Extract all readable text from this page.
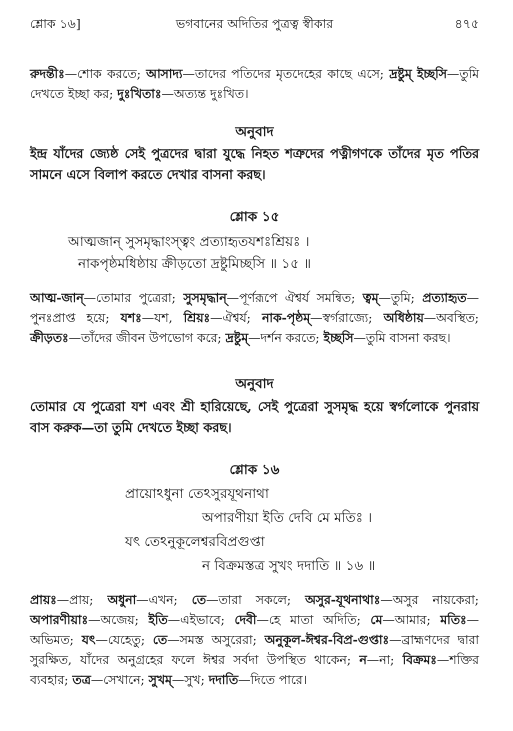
শ্লোক ১৬]	ভগবানের অদিতির পুত্রত্ব স্বীকার	৪৭৫
রুদন্তীঃ—শোক করতে; আসাদ্য—তাদের পতিদের মৃতদেহের কাছে এসে; দ্রষ্টুম্ ইচ্ছসি—তুমি দেখতে ইচ্ছা কর; দুঃখিতাঃ—অত্যন্ত দুঃখিত।
অনুবাদ
ইন্দ্র যাঁদের জ্যেষ্ঠ সেই পুত্রদের দ্বারা যুদ্ধে নিহত শত্রুদের পত্নীগণকে তাঁদের মৃত পতির সামনে এসে বিলাপ করতে দেখার বাসনা করছ।
শ্লোক ১৫
আত্মজান্ সুসমৃদ্ধাংস্ত্বং প্রত্যাহৃতযশঃশ্রিয়ঃ ।
নাকপৃষ্ঠমধিষ্ঠায় ক্রীড়তো দ্রষ্টুমিচ্ছসি ॥ ১৫ ॥
আত্ম-জান্—তোমার পুত্রেরা; সুসমৃদ্ধান্—পূর্ণরূপে ঐশ্বর্য সমন্বিত; ত্বম্—তুমি; প্রত্যাহৃত—পুনঃপ্রাপ্ত হয়ে; যশঃ—যশ, শ্রিয়ঃ—ঐশ্বর্য; নাক-পৃষ্ঠম্—স্বর্গরাজ্যে; অধিষ্ঠায়—অবস্থিত; ক্রীড়তঃ—তাঁদের জীবন উপভোগ করে; দ্রষ্টুম্—দর্শন করতে; ইচ্ছসি—তুমি বাসনা করছ।
অনুবাদ
তোমার যে পুত্রেরা যশ এবং শ্রী হারিয়েছে, সেই পুত্রেরা সুসমৃদ্ধ হয়ে স্বর্গলোকে পুনরায় বাস করুক—তা তুমি দেখতে ইচ্ছা করছ।
শ্লোক ১৬
প্রায়োঽধুনা তেঽসুরযূথনাথা
অপারণীয়া ইতি দেবি মে মতিঃ ।
যৎ তেঽনুকূলেশ্বরবিপ্রগুপ্তা
ন বিক্রমস্তত্র সুখং দদাতি ॥ ১৬ ॥
প্রায়ঃ—প্রায়; অধুনা—এখন; তে—তারা সকলে; অসুর-যূথনাথাঃ—অসুর নায়কেরা; অপারণীয়াঃ—অজেয়; ইতি—এইভাবে; দেবী—হে মাতা অদিতি; মে—আমার; মতিঃ—অভিমত; যৎ—যেহেতু; তে—সমস্ত অসুরেরা; অনুকূল-ঈশ্বর-বিপ্র-গুপ্তাঃ—ব্রাহ্মণদের দ্বারা সুরক্ষিত, যাঁদের অনুগ্রহের ফলে ঈশ্বর সর্বদা উপস্থিত থাকেন; ন—না; বিক্রমঃ—শক্তির ব্যবহার; তত্র—সেখানে; সুখম্—সুখ; দদাতি—দিতে পারে।
